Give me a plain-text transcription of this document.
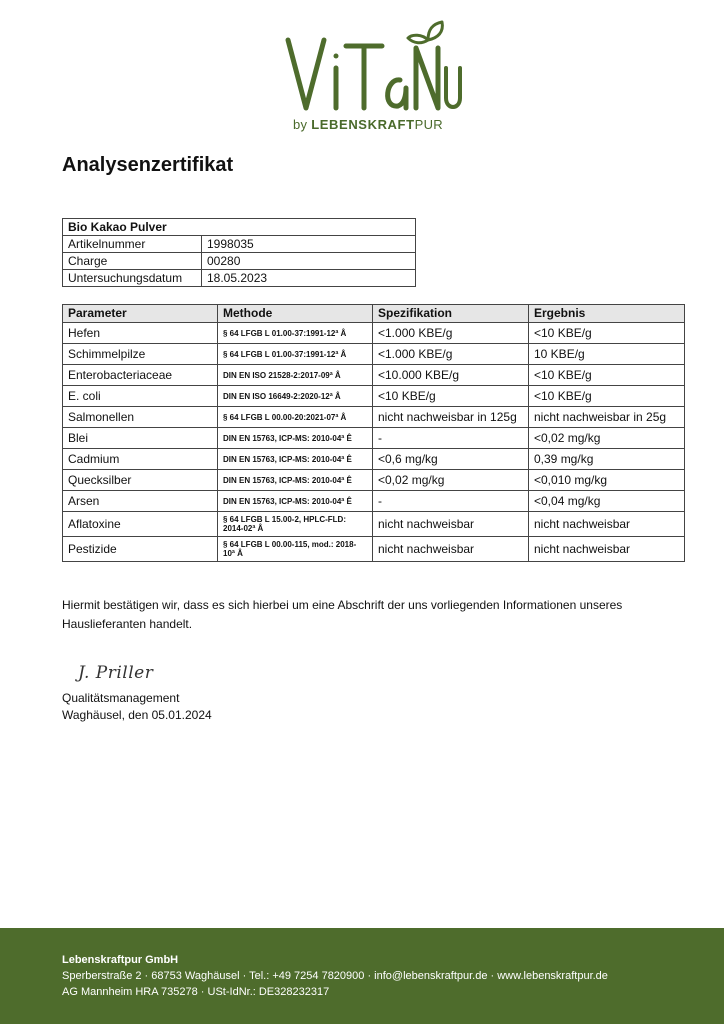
by LEBENSKRAFTPUR
Analysenzertifikat
Bio Kakao Pulver	
Artikelnummer	1998035
Charge	00280
Untersuchungsdatum	18.05.2023
Parameter	Methode	Spezifikation	Ergebnis
Hefen	§ 64 LFGB L 01.00-37:1991-12ª Â	<1.000 KBE/g	<10 KBE/g
Schimmelpilze	§ 64 LFGB L 01.00-37:1991-12ª Â	<1.000 KBE/g	10 KBE/g
Enterobacteriaceae	DIN EN ISO 21528-2:2017-09ª Â	<10.000 KBE/g	<10 KBE/g
E. coli	DIN EN ISO 16649-2:2020-12ª Â	<10 KBE/g	<10 KBE/g
Salmonellen	§ 64 LFGB L 00.00-20:2021-07ª Â	nicht nachweisbar in 125g	nicht nachweisbar in 25g
Blei	DIN EN 15763, ICP-MS: 2010-04ª Ê	-	<0,02 mg/kg
Cadmium	DIN EN 15763, ICP-MS: 2010-04ª Ê	<0,6 mg/kg	0,39 mg/kg
Quecksilber	DIN EN 15763, ICP-MS: 2010-04ª Ê	<0,02 mg/kg	<0,010 mg/kg
Arsen	DIN EN 15763, ICP-MS: 2010-04ª Ê	-	<0,04 mg/kg
Aflatoxine	§ 64 LFGB L 15.00-2, HPLC-FLD: 2014-02ª Â	nicht nachweisbar	nicht nachweisbar
Pestizide	§ 64 LFGB L 00.00-115, mod.: 2018-10ª Â	nicht nachweisbar	nicht nachweisbar
Hiermit bestätigen wir, dass es sich hierbei um eine Abschrift der uns vorliegenden Informationen unseres Hauslieferanten handelt.
J. Priller
Qualitätsmanagement
Waghäusel, den 05.01.2024
Lebenskraftpur GmbH
Sperberstraße 2 · 68753 Waghäusel · Tel.: +49 7254 7820900 · info@lebenskraftpur.de · www.lebenskraftpur.de
AG Mannheim HRA 735278 · USt-IdNr.: DE328232317
